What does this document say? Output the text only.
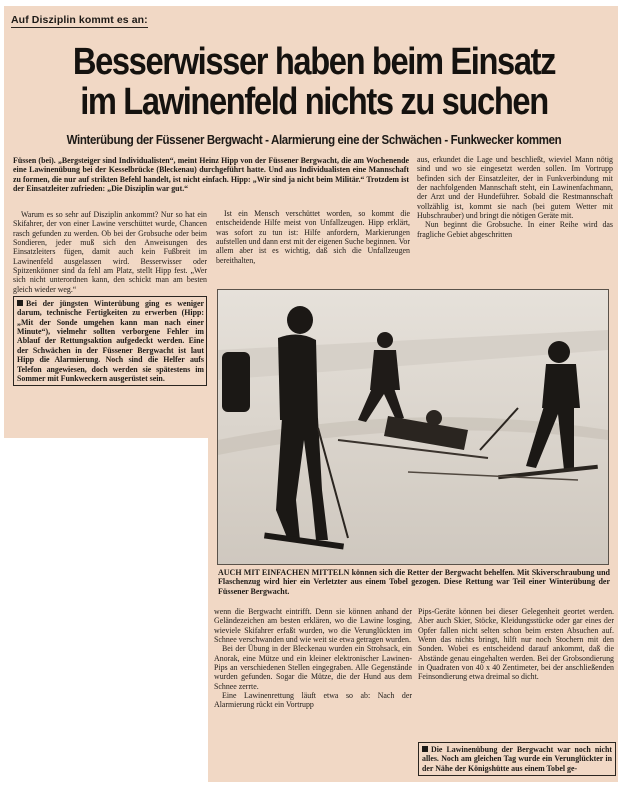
Auf Disziplin kommt es an:
Besserwisser haben beim Einsatz
im Lawinenfeld nichts zu suchen
Winterübung der Füssener Bergwacht - Alarmierung eine der Schwächen - Funkwecker kommen

Füssen (bei). „Bergsteiger sind Individualisten“, meint Heinz Hipp von der Füssener Bergwacht, die am Wochenende eine Lawinenübung bei der Kesselbrücke (Bleckenau) durchgeführt hatte. Und aus Individualisten eine Mannschaft zu formen, die nur auf strikten Befehl handelt, ist nicht einfach. Hipp: „Wir sind ja nicht beim Militär.“ Trotzdem ist der Einsatzleiter zufrieden: „Die Disziplin war gut.“

Warum es so sehr auf Disziplin ankommt? Nur so hat ein Skifahrer, der von einer Lawine verschüttet wurde, Chancen rasch gefunden zu werden. Ob bei der Grobsuche oder beim Sondieren, jeder muß sich den Anweisungen des Einsatzleiters fügen, damit auch kein Fußbreit im Lawinenfeld ausgelassen wird. Besserwisser oder Spitzenkönner sind da fehl am Platz, stellt Hipp fest. „Wer sich nicht unterordnen kann, den schickt man am besten gleich wieder weg.“

Bei der jüngsten Winterübung ging es weniger darum, technische Fertigkeiten zu erwerben (Hipp: „Mit der Sonde umgehen kann man nach einer Minute“), vielmehr sollten verborgene Fehler im Ablauf der Rettungsaktion aufgedeckt werden. Eine der Schwächen in der Füssener Bergwacht ist laut Hipp die Alarmierung. Noch sind die Helfer aufs Telefon angewiesen, doch werden sie spätestens im Sommer mit Funkweckern ausgerüstet sein.

Ist ein Mensch verschüttet worden, so kommt die entscheidende Hilfe meist von Unfallzeugen. Hipp erklärt, was sofort zu tun ist: Hilfe anfordern, Markierungen aufstellen und dann erst mit der eigenen Suche beginnen. Vor allem aber ist es wichtig, daß sich die Unfallzeugen bereithalten,

aus, erkundet die Lage und beschließt, wieviel Mann nötig sind und wo sie eingesetzt werden sollen. Im Vortrupp befinden sich der Einsatzleiter, der in Funkverbindung mit der nachfolgenden Mannschaft steht, ein Lawinenfachmann, der Arzt und der Hundeführer. Sobald die Restmannschaft vollzählig ist, kommt sie nach (bei gutem Wetter mit Hubschrauber) und bringt die nötigen Geräte mit.

Nun beginnt die Grobsuche. In einer Reihe wird das fragliche Gebiet abgeschritten

AUCH MIT EINFACHEN MITTELN können sich die Retter der Bergwacht behelfen. Mit Skiverschraubung und Flaschenzug wird hier ein Verletzter aus einem Tobel gezogen. Diese Rettung war Teil einer Winterübung der Füssener Bergwacht.

wenn die Bergwacht eintrifft. Denn sie können anhand der Geländezeichen am besten erklären, wo die Lawine losging, wieviele Skifahrer erfaßt wurden, wo die Verunglückten im Schnee verschwanden und wie weit sie etwa getragen wurden.

Bei der Übung in der Bleckenau wurden ein Strohsack, ein Anorak, eine Mütze und ein kleiner elektronischer Lawinen-Pips an verschiedenen Stellen eingegraben. Alle Gegenstände wurden gefunden. Sogar die Mütze, die der Hund aus dem Schnee zerrte.

Eine Lawinenrettung läuft etwa so ab: Nach der Alarmierung rückt ein Vortrupp

Pips-Geräte können bei dieser Gelegenheit geortet werden. Aber auch Skier, Stöcke, Kleidungsstücke oder gar eines der Opfer fallen nicht selten schon beim ersten Absuchen auf. Wenn das nichts bringt, hilft nur noch Stochern mit den Sonden. Wobei es entscheidend darauf ankommt, daß die Abstände genau eingehalten werden. Bei der Grobsondierung in Quadraten von 40 x 40 Zentimeter, bei der anschließenden Feinsondierung etwa dreimal so dicht.

Die Lawinenübung der Bergwacht war noch nicht alles. Noch am gleichen Tag wurde ein Verunglückter in der Nähe der Königshütte aus einem Tobel ge-
